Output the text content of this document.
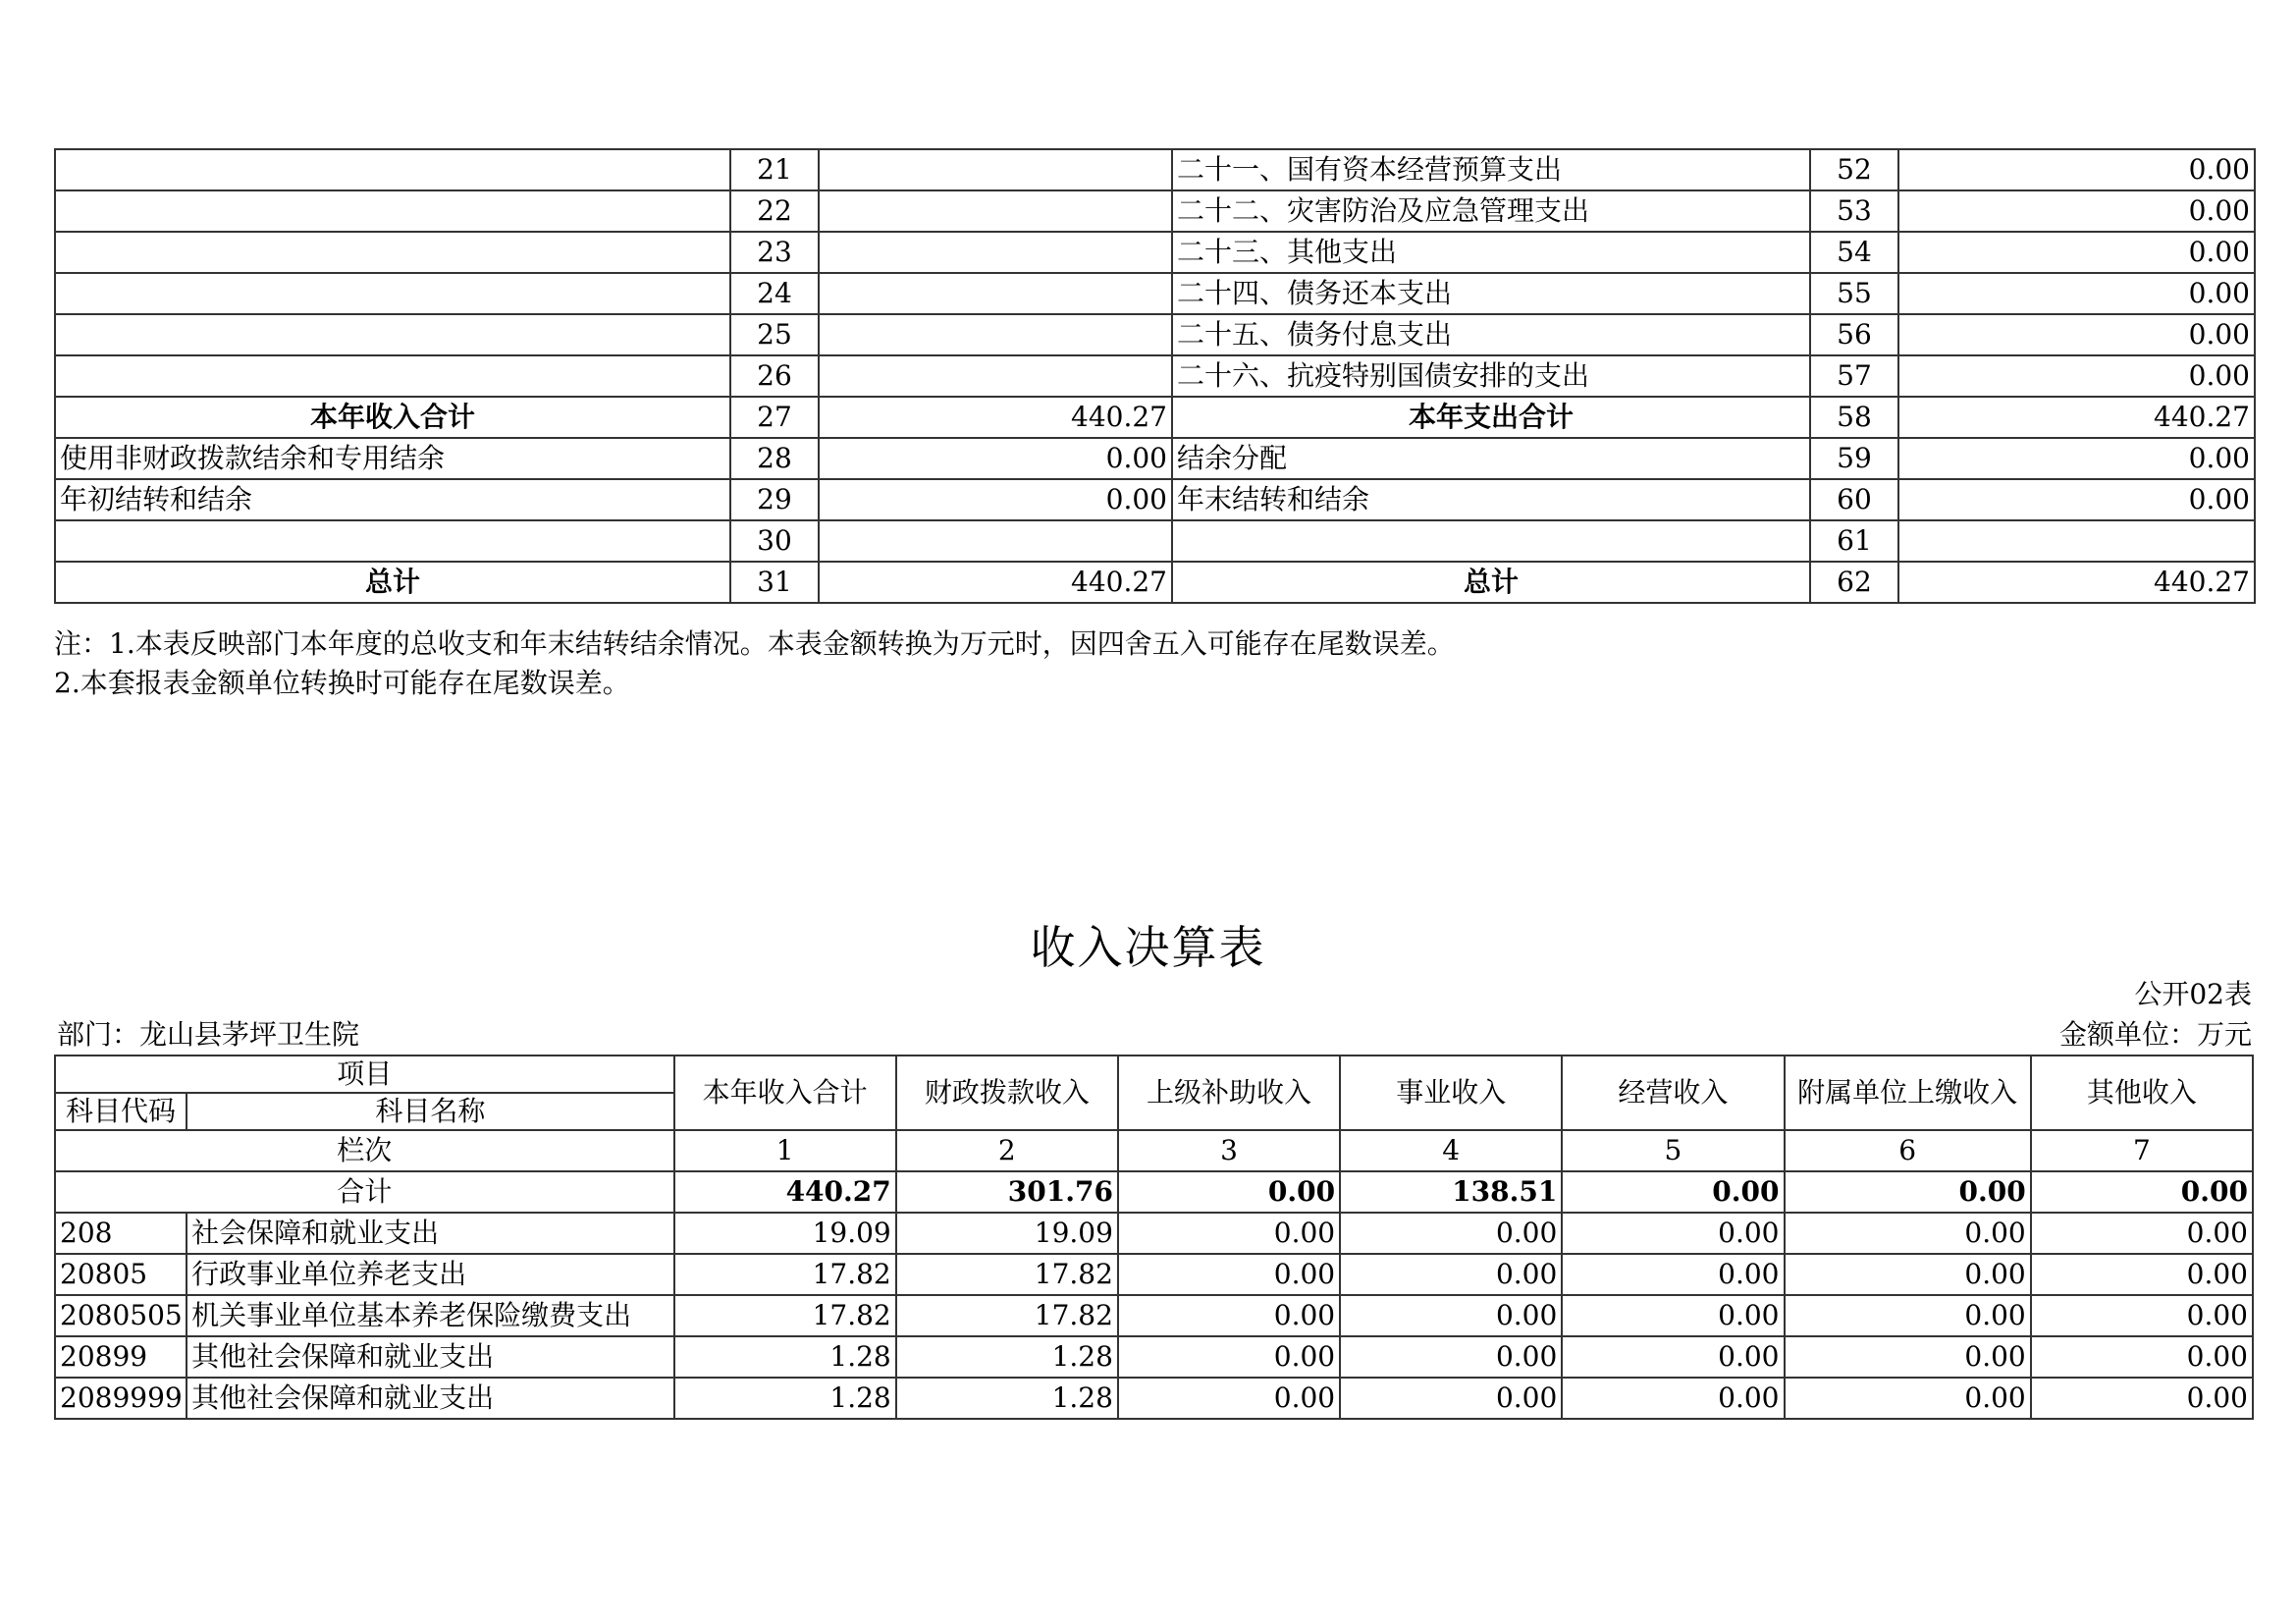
	21		二十一、国有资本经营预算支出	52	0.00
	22		二十二、灾害防治及应急管理支出	53	0.00
	23		二十三、其他支出	54	0.00
	24		二十四、债务还本支出	55	0.00
	25		二十五、债务付息支出	56	0.00
	26		二十六、抗疫特别国债安排的支出	57	0.00
本年收入合计	27	440.27	本年支出合计	58	440.27
使用非财政拨款结余和专用结余	28	0.00	结余分配	59	0.00
年初结转和结余	29	0.00	年末结转和结余	60	0.00
	30			61	
总计	31	440.27	总计	62	440.27
注：1.本表反映部门本年度的总收支和年末结转结余情况。本表金额转换为万元时，因四舍五入可能存在尾数误差。
2.本套报表金额单位转换时可能存在尾数误差。
收入决算表
公开02表
部门：龙山县茅坪卫生院	金额单位：万元
项目		本年收入合计	财政拨款收入	上级补助收入	事业收入	经营收入	附属单位上缴收入	其他收入
科目代码	科目名称							
栏次		1	2	3	4	5	6	7
合计		440.27	301.76	0.00	138.51	0.00	0.00	0.00
208	社会保障和就业支出	19.09	19.09	0.00	0.00	0.00	0.00	0.00
20805	行政事业单位养老支出	17.82	17.82	0.00	0.00	0.00	0.00	0.00
2080505	机关事业单位基本养老保险缴费支出	17.82	17.82	0.00	0.00	0.00	0.00	0.00
20899	其他社会保障和就业支出	1.28	1.28	0.00	0.00	0.00	0.00	0.00
2089999	其他社会保障和就业支出	1.28	1.28	0.00	0.00	0.00	0.00	0.00
